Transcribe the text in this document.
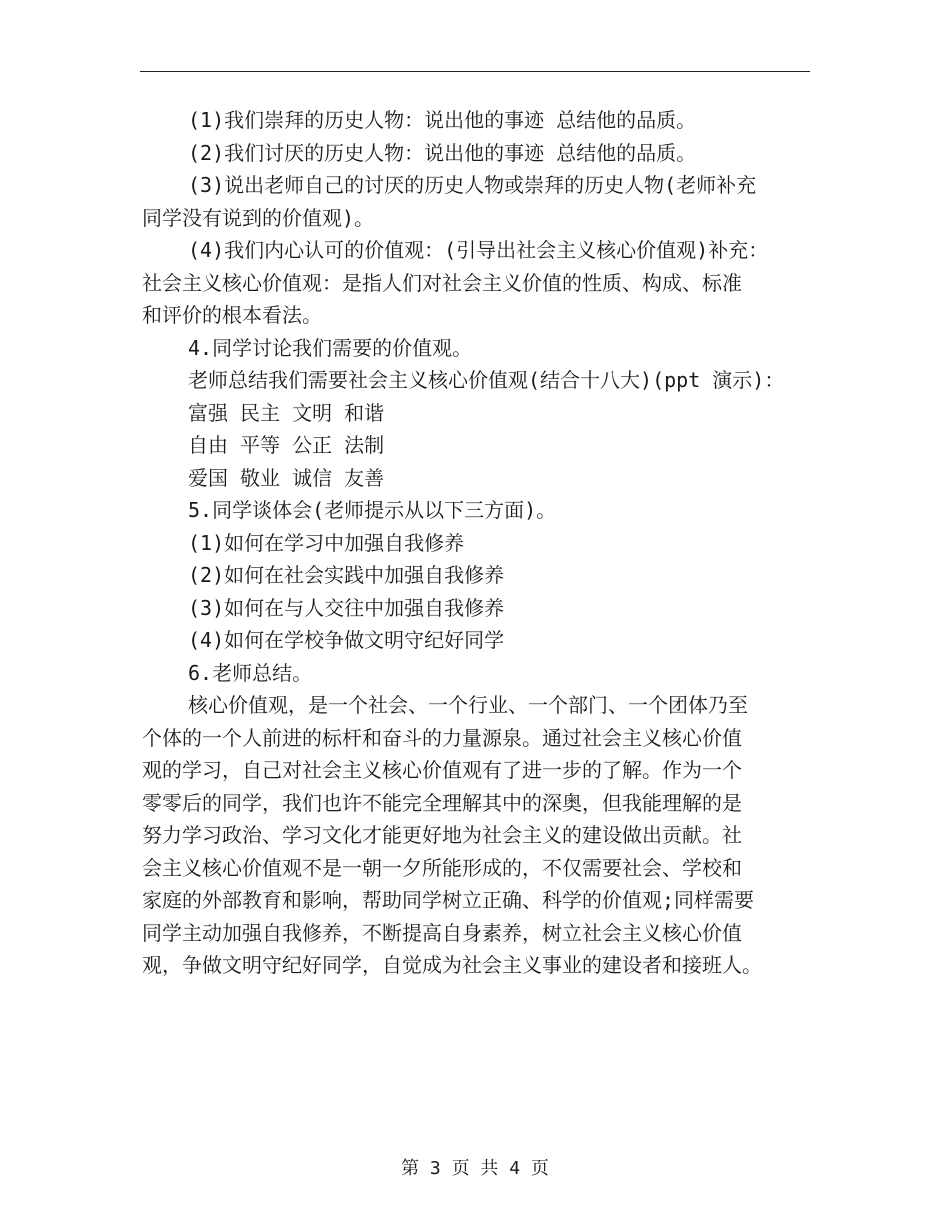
(1)我们崇拜的历史人物：说出他的事迹 总结他的品质。
(2)我们讨厌的历史人物：说出他的事迹 总结他的品质。
(3)说出老师自己的讨厌的历史人物或崇拜的历史人物(老师补充
同学没有说到的价值观)。
(4)我们内心认可的价值观：(引导出社会主义核心价值观)补充：
社会主义核心价值观：是指人们对社会主义价值的性质、构成、标准
和评价的根本看法。
4.同学讨论我们需要的价值观。
老师总结我们需要社会主义核心价值观(结合十八大)(ppt 演示)：
富强 民主 文明 和谐
自由 平等 公正 法制
爱国 敬业 诚信 友善
5.同学谈体会(老师提示从以下三方面)。
(1)如何在学习中加强自我修养
(2)如何在社会实践中加强自我修养
(3)如何在与人交往中加强自我修养
(4)如何在学校争做文明守纪好同学
6.老师总结。
核心价值观，是一个社会、一个行业、一个部门、一个团体乃至
个体的一个人前进的标杆和奋斗的力量源泉。通过社会主义核心价值
观的学习，自己对社会主义核心价值观有了进一步的了解。作为一个
零零后的同学，我们也许不能完全理解其中的深奥，但我能理解的是
努力学习政治、学习文化才能更好地为社会主义的建设做出贡献。社
会主义核心价值观不是一朝一夕所能形成的，不仅需要社会、学校和
家庭的外部教育和影响，帮助同学树立正确、科学的价值观;同样需要
同学主动加强自我修养，不断提高自身素养，树立社会主义核心价值
观，争做文明守纪好同学，自觉成为社会主义事业的建设者和接班人。
第 3 页 共 4 页
